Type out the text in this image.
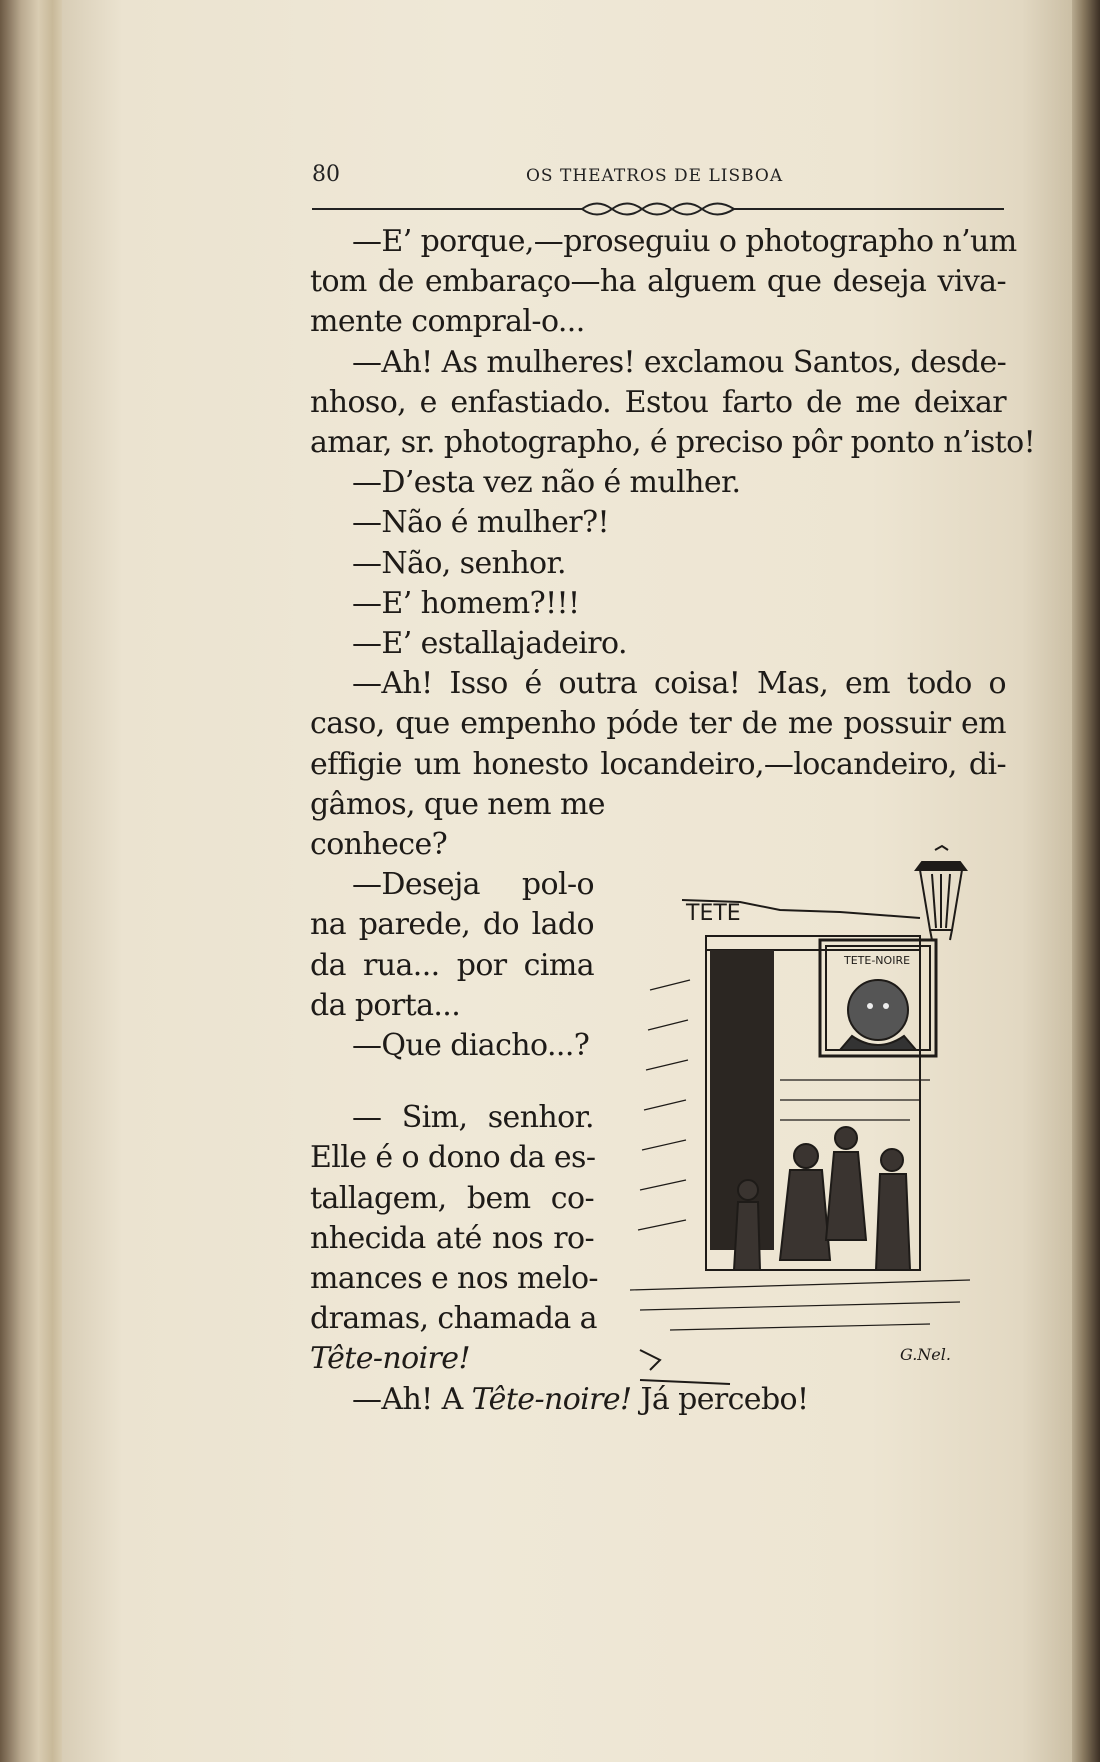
80	OS THEATROS DE LISBOA
—E’ porque,—proseguiu o photographo n’um
tom de embaraço—ha alguem que deseja viva-
mente compral-o...
—Ah! As mulheres! exclamou Santos, desde-
nhoso, e enfastiado. Estou farto de me deixar
amar, sr. photographo, é preciso pôr ponto n’isto!
—D’esta vez não é mulher.
—Não é mulher?!
—Não, senhor.
—E’ homem?!!!
—E’ estallajadeiro.
—Ah! Isso é outra coisa! Mas, em todo o
caso, que empenho póde ter de me possuir em
effigie um honesto locandeiro,—locandeiro, di-
gâmos, que nem me
conhece?
—Deseja pol-o
na parede, do lado
da rua... por cima
da porta...
—Que diacho...?
— Sim, senhor.
Elle é o dono da es-
tallagem, bem co-
nhecida até nos ro-
mances e nos melo-
dramas, chamada a
Tête-noire!
—Ah! A Tête-noire! Já percebo!
TETE-NOIRE
TETE
G.Nel.
